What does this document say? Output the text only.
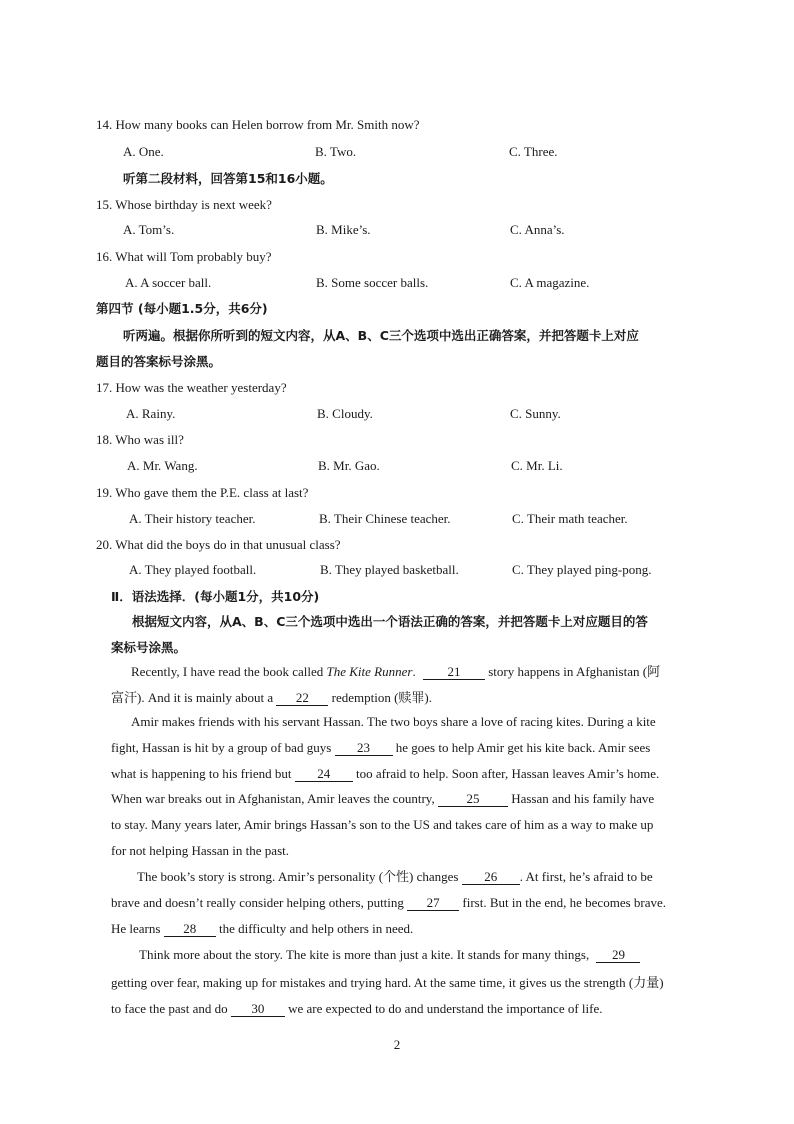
14. How many books can Helen borrow from Mr. Smith now?
A. One.	B. Two.	C. Three.
听第二段材料，回答第15和16小题。
15. Whose birthday is next week?
A. Tom’s.	B. Mike’s.	C. Anna’s.
16. What will Tom probably buy?
A. A soccer ball.	B. Some soccer balls.	C. A magazine.
第四节 (每小题1.5分，共6分)
听两遍。根据你所听到的短文内容，从A、B、C三个选项中选出正确答案，并把答题卡上对应
题目的答案标号涂黑。
17. How was the weather yesterday?
A. Rainy.	B. Cloudy.	C. Sunny.
18. Who was ill?
A. Mr. Wang.	B. Mr. Gao.	C. Mr. Li.
19. Who gave them the P.E. class at last?
A. Their history teacher.	B. Their Chinese teacher.	C. Their math teacher.
20. What did the boys do in that unusual class?
A. They played football.	B. They played basketball.	C. They played ping-pong.
Ⅱ．语法选择．(每小题1分，共10分)
根据短文内容，从A、B、C三个选项中选出一个语法正确的答案，并把答题卡上对应题目的答
案标号涂黑。
Recently, I have read the book called The Kite Runner. 21 story happens in Afghanistan (阿
富汗). And it is mainly about a 22 redemption (赎罪).
Amir makes friends with his servant Hassan. The two boys share a love of racing kites. During a kite
fight, Hassan is hit by a group of bad guys 23 he goes to help Amir get his kite back. Amir sees
what is happening to his friend but 24 too afraid to help. Soon after, Hassan leaves Amir’s home.
When war breaks out in Afghanistan, Amir leaves the country, 25 Hassan and his family have
to stay. Many years later, Amir brings Hassan’s son to the US and takes care of him as a way to make up
for not helping Hassan in the past.
The book’s story is strong. Amir’s personality (个性) changes 26 . At first, he’s afraid to be
brave and doesn’t really consider helping others, putting 27 first. But in the end, he becomes brave.
He learns 28 the difficulty and help others in need.
Think more about the story. The kite is more than just a kite. It stands for many things, 29
getting over fear, making up for mistakes and trying hard. At the same time, it gives us the strength (力量)
to face the past and do 30 we are expected to do and understand the importance of life.
2
